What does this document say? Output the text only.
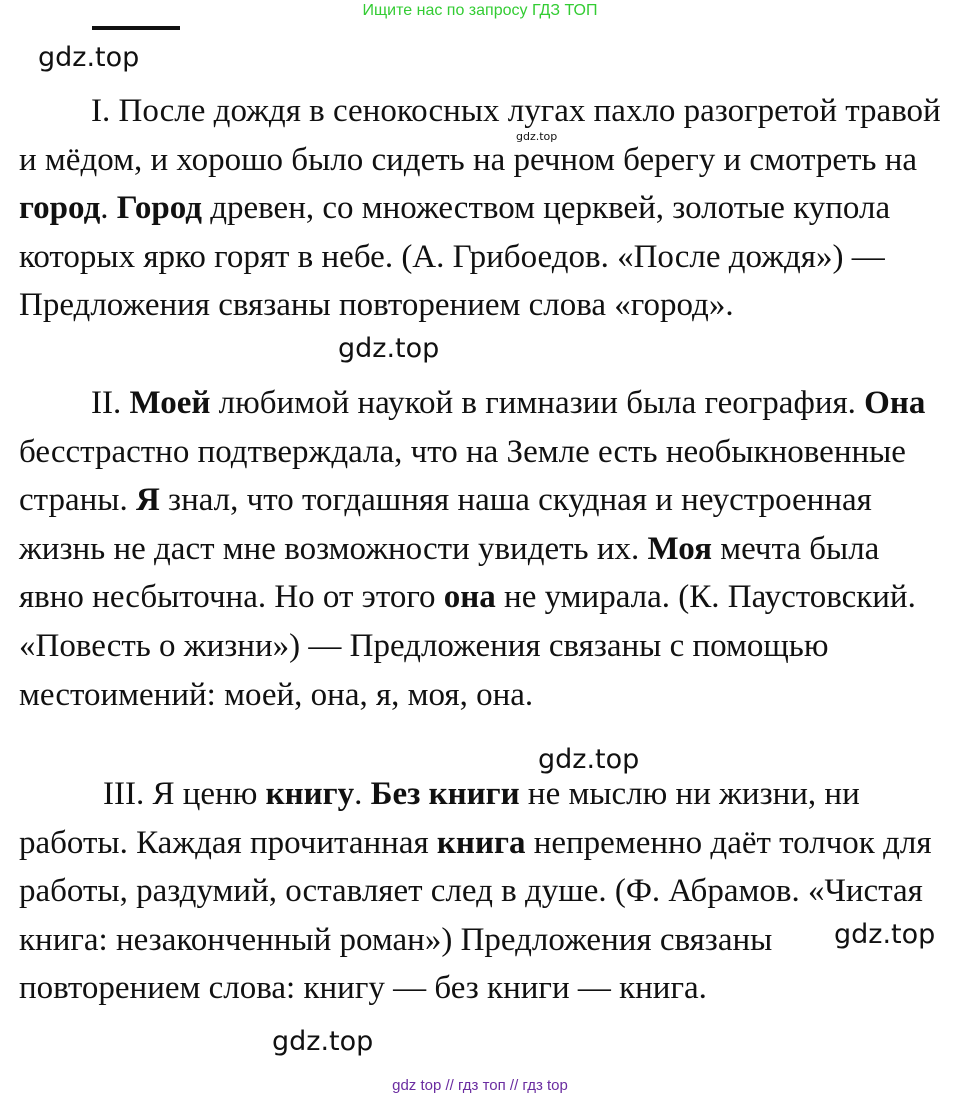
Ищите нас по запросу ГДЗ ТОП
gdz.top
gdz.top

I. После дождя в сенокосных лугах пахло разогретой травой и мёдом, и хорошо было сидеть на речном берегу и смотреть на город. Город древен, со множеством церквей, золотые купола которых ярко горят в небе. (А. Грибоедов. «После дождя») — Предложения связаны повторением слова «город».

gdz.top

II. Моей любимой наукой в гимназии была география. Она бесстрастно подтверждала, что на Земле есть необыкновенные страны. Я знал, что тогдашняя наша скудная и неустроенная жизнь не даст мне возможности увидеть их. Моя мечта была явно несбыточна. Но от этого она не умирала. (К. Паустовский. «Повесть о жизни») — Предложения связаны с помощью местоимений: моей, она, я, моя, она.

gdz.top

III. Я ценю книгу. Без книги не мыслю ни жизни, ни работы. Каждая прочитанная книга непременно даёт толчок для работы, раздумий, оставляет след в душе. (Ф. Абрамов. «Чистая книга: незаконченный роман») Предложения связаны повторением слова: книгу — без книги — книга.

gdz.top
gdz.top
gdz top // гдз топ // гдз top
